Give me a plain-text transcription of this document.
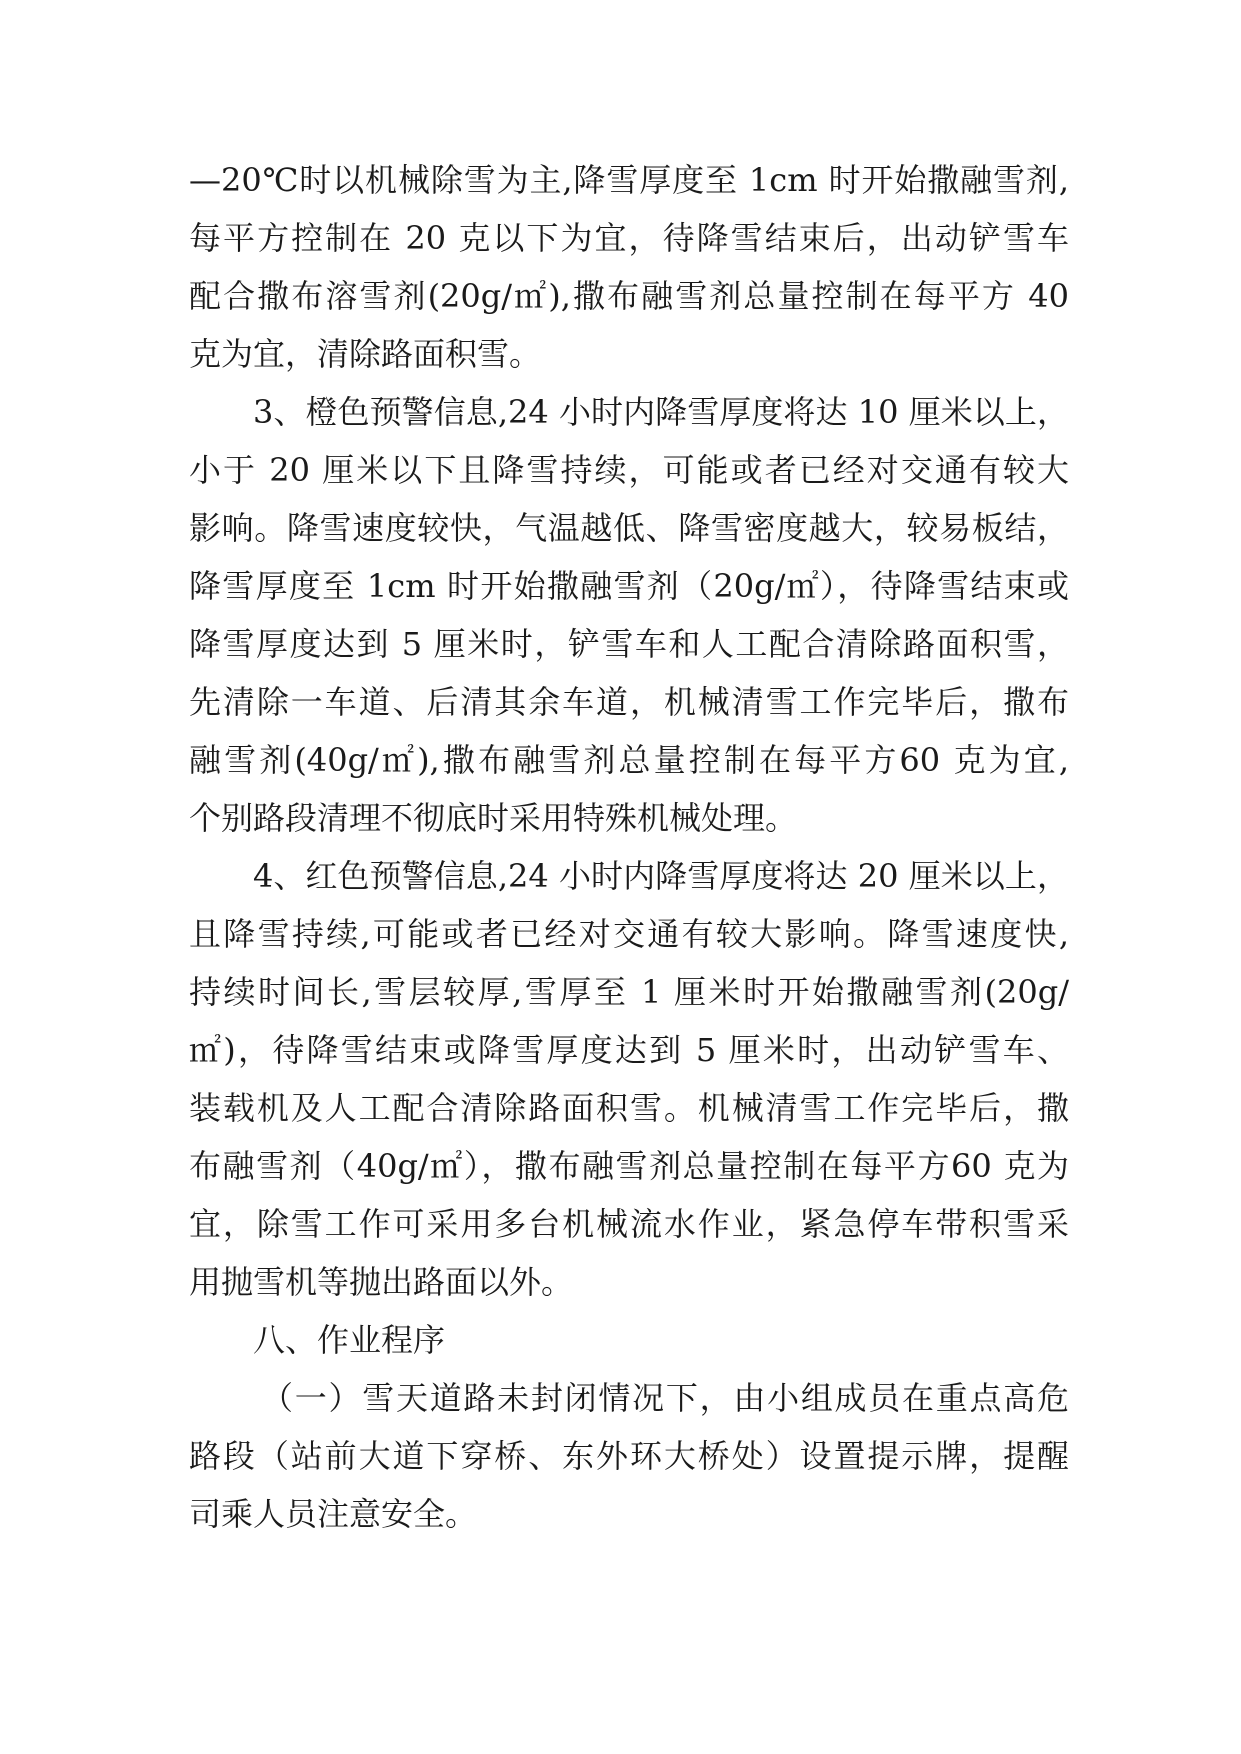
—20℃时以机械除雪为主,降雪厚度至 1cm 时开始撒融雪剂,
每平方控制在 20 克以下为宜，待降雪结束后，出动铲雪车
配合撒布溶雪剂(20g/㎡),撒布融雪剂总量控制在每平方 40
克为宜，清除路面积雪。
3、橙色预警信息,24 小时内降雪厚度将达 10 厘米以上，
小于 20 厘米以下且降雪持续，可能或者已经对交通有较大
影响。降雪速度较快，气温越低、降雪密度越大，较易板结，
降雪厚度至 1cm 时开始撒融雪剂（20g/㎡），待降雪结束或
降雪厚度达到 5 厘米时，铲雪车和人工配合清除路面积雪，
先清除一车道、后清其余车道，机械清雪工作完毕后，撒布
融雪剂(40g/㎡),撒布融雪剂总量控制在每平方60 克为宜,
个别路段清理不彻底时采用特殊机械处理。
4、红色预警信息,24 小时内降雪厚度将达 20 厘米以上，
且降雪持续,可能或者已经对交通有较大影响。降雪速度快,
持续时间长,雪层较厚,雪厚至 1 厘米时开始撒融雪剂(20g/
㎡)，待降雪结束或降雪厚度达到 5 厘米时，出动铲雪车、
装载机及人工配合清除路面积雪。机械清雪工作完毕后，撒
布融雪剂（40g/㎡），撒布融雪剂总量控制在每平方60 克为
宜，除雪工作可采用多台机械流水作业，紧急停车带积雪采
用抛雪机等抛出路面以外。
八、作业程序
（一）雪天道路未封闭情况下，由小组成员在重点高危
路段（站前大道下穿桥、东外环大桥处）设置提示牌，提醒
司乘人员注意安全。
